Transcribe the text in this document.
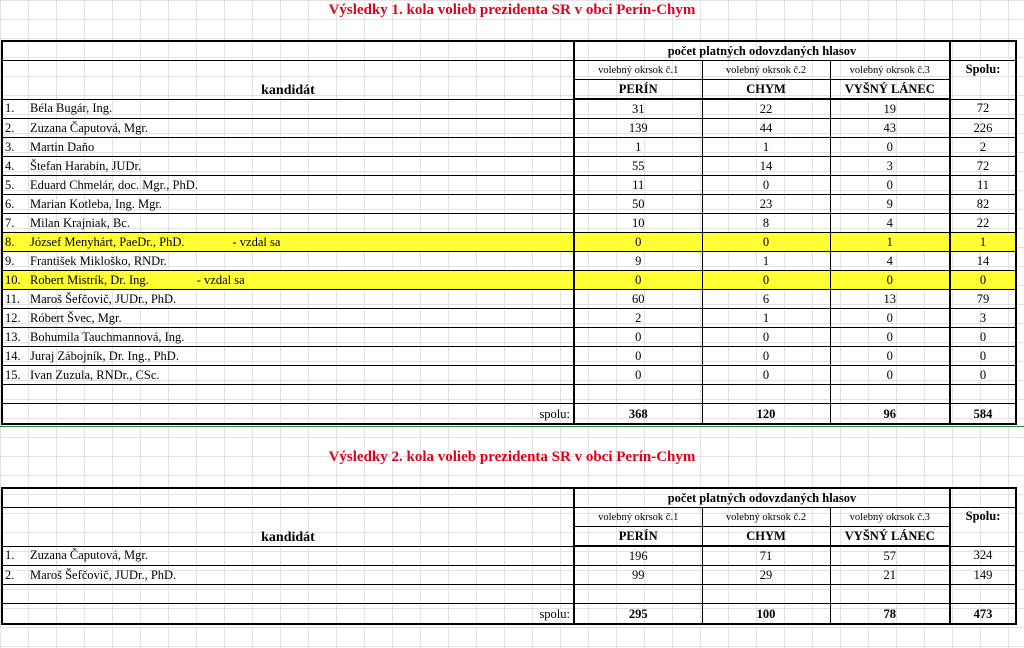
Výsledky 1. kola volieb prezidenta SR v obci Perín-Chym
		počet platných odovzdaných hlasov			
kandidát		volebný okrsok č.1	volebný okrsok č.2	volebný okrsok č.3	Spolu:
		PERÍN	CHYM	VYŠNÝ LÁNEC	
1.	Béla Bugár, Ing.	31	22	19	72
2.	Zuzana Čaputová, Mgr.	139	44	43	226
3.	Martin Daňo	1	1	0	2
4.	Štefan Harabin, JUDr.	55	14	3	72
5.	Eduard Chmelár, doc. Mgr., PhD.	11	0	0	11
6.	Marian Kotleba, Ing. Mgr.	50	23	9	82
7.	Milan Krajniak, Bc.	10	8	4	22
8.	József Menyhárt, PaeDr., PhD. - vzdal sa	0	0	1	1
9.	František Mikloško, RNDr.	9	1	4	14
10.	Robert Mistrík, Dr. Ing. - vzdal sa	0	0	0	0
11.	Maroš Šefčovič, JUDr., PhD.	60	6	13	79
12.	Róbert Švec, Mgr.	2	1	0	3
13.	Bohumila Tauchmannová, Ing.	0	0	0	0
14.	Juraj Zábojník, Dr. Ing., PhD.	0	0	0	0
15.	Ivan Zuzula, RNDr., CSc.	0	0	0	0

spolu:		368	120	96	584
Výsledky 2. kola volieb prezidenta SR v obci Perín-Chym
		počet platných odovzdaných hlasov			
kandidát		volebný okrsok č.1	volebný okrsok č.2	volebný okrsok č.3	Spolu:
		PERÍN	CHYM	VYŠNÝ LÁNEC	
1.	Zuzana Čaputová, Mgr.	196	71	57	324
2.	Maroš Šefčovič, JUDr., PhD.	99	29	21	149

spolu:		295	100	78	473
